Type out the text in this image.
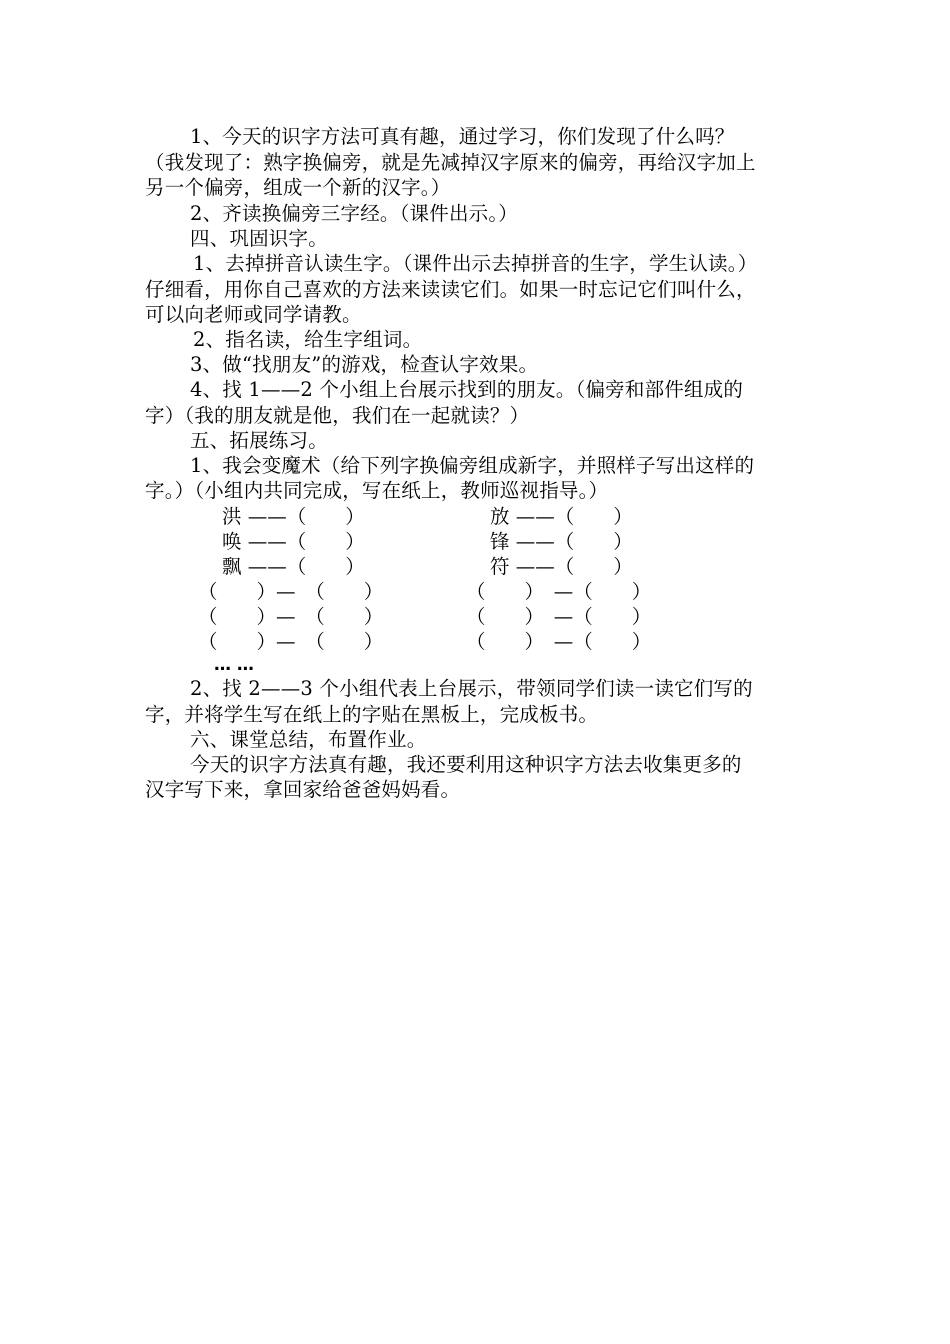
1、今天的识字方法可真有趣，通过学习，你们发现了什么吗？
（我发现了：熟字换偏旁，就是先减掉汉字原来的偏旁，再给汉字加上
另一个偏旁，组成一个新的汉字。）
2、齐读换偏旁三字经。（课件出示。）
四、巩固识字。
1、去掉拼音认读生字。（课件出示去掉拼音的生字，学生认读。）
仔细看，用你自己喜欢的方法来读读它们。如果一时忘记它们叫什么，
可以向老师或同学请教。
2、指名读，给生字组词。
3、做“找朋友”的游戏，检查认字效果。
4、找 1——2 个小组上台展示找到的朋友。（偏旁和部件组成的
字）（我的朋友就是他，我们在一起就读？）
五、拓展练习。
1、我会变魔术（给下列字换偏旁组成新字，并照样子写出这样的
字。）（小组内共同完成，写在纸上，教师巡视指导。）
洪 ——（　　）
唤 ——（　　）
飘 ——（　　）
放 ——（　　）
锋 ——（　　）
符 ——（　　）
（　　）—　（　　）
（　　）—　（　　）
（　　）—　（　　）
（　　）　—（　　）
（　　）　—（　　）
（　　）　—（　　）
… …
2、找 2——3 个小组代表上台展示，带领同学们读一读它们写的
字，并将学生写在纸上的字贴在黑板上，完成板书。
六、课堂总结，布置作业。
今天的识字方法真有趣，我还要利用这种识字方法去收集更多的
汉字写下来，拿回家给爸爸妈妈看。
